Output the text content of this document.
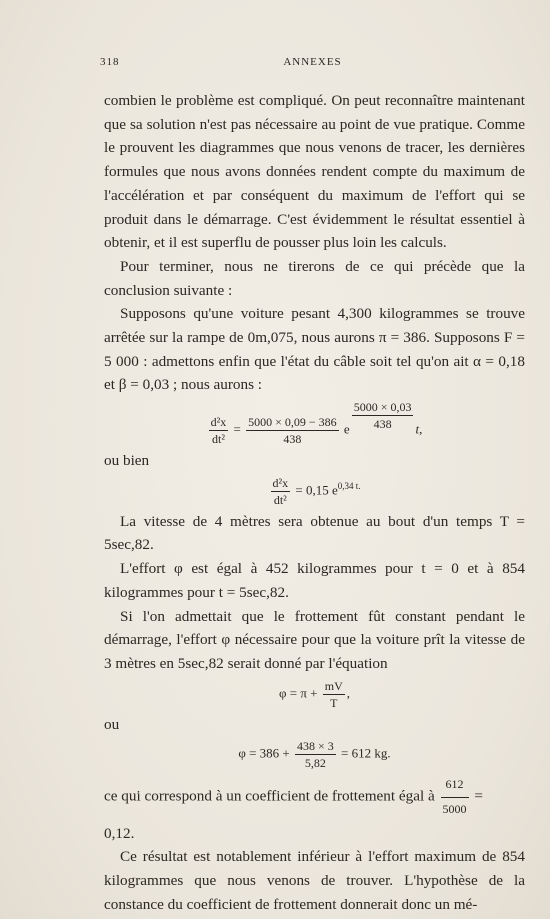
318	ANNEXES

combien le problème est compliqué. On peut reconnaître maintenant que sa solution n'est pas nécessaire au point de vue pratique. Comme le prouvent les diagrammes que nous venons de tracer, les dernières formules que nous avons données rendent compte du maximum de l'accélération et par conséquent du maximum de l'effort qui se produit dans le démarrage. C'est évidemment le résultat essentiel à obtenir, et il est superflu de pousser plus loin les calculs.

Pour terminer, nous ne tirerons de ce qui précède que la conclusion suivante :

Supposons qu'une voiture pesant 4,300 kilogrammes se trouve arrêtée sur la rampe de 0m,075, nous aurons π = 386. Supposons F = 5 000 : admettons enfin que l'état du câble soit tel qu'on ait α = 0,18 et β = 0,03 ; nous aurons :

$\frac{\text{d²x}}{\text{dt²}} = \frac{5000 \times 0,09 - 386}{438}$ e $\frac{5000 \times 0,03}{438} t$,

ou bien

$\frac{\text{d²x}}{\text{dt²}} = 0,15$ $e^{0,34 t.}$

La vitesse de 4 mètres sera obtenue au bout d'un temps T = 5sec,82.

L'effort φ est égal à 452 kilogrammes pour t = 0 et à 854 kilogrammes pour t = 5sec,82.

Si l'on admettait que le frottement fût constant pendant le démarrage, l'effort φ nécessaire pour que la voiture prît la vitesse de 3 mètres en 5sec,82 serait donné par l'équation

$\varphi = \pi + \frac{mV}{T}$ ,

ou

$\varphi = 386 + \frac{438 \times 3}{5,82} = 612$ kg.

ce qui correspond à un coefficient de frottement égal à $\frac{612}{5000}$ =

0,12.

Ce résultat est notablement inférieur à l'effort maximum de 854 kilogrammes que nous venons de trouver. L'hypothèse de la constance du coefficient de frottement donnerait donc un mé-
